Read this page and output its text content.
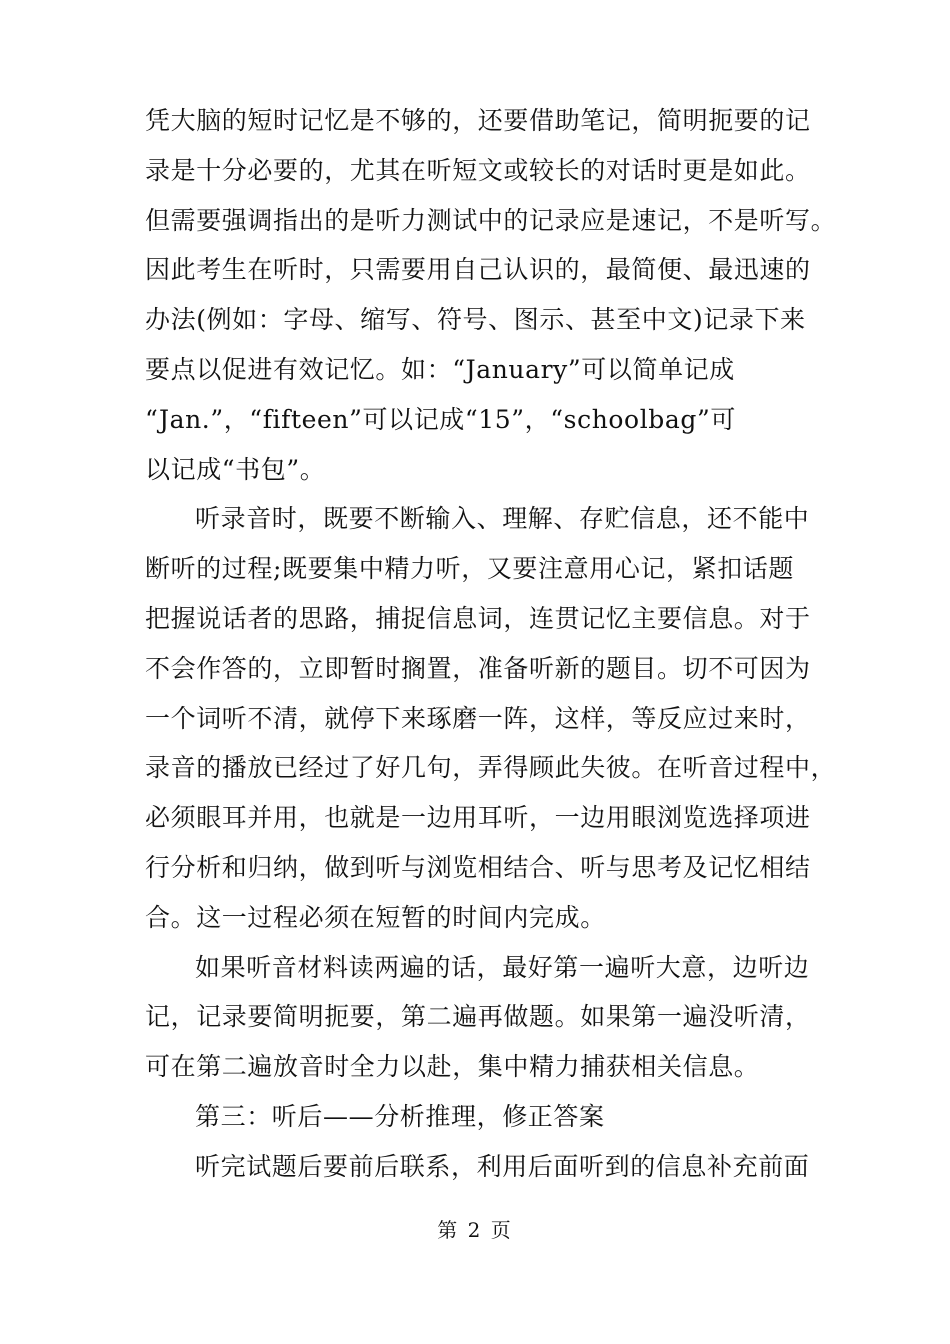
凭大脑的短时记忆是不够的，还要借助笔记，简明扼要的记
录是十分必要的，尤其在听短文或较长的对话时更是如此。
但需要强调指出的是听力测试中的记录应是速记，不是听写。
因此考生在听时，只需要用自己认识的，最简便、最迅速的
办法(例如：字母、缩写、符号、图示、甚至中文)记录下来
要点以促进有效记忆。如：“January”可以简单记成
“Jan.”，“fifteen”可以记成“15”，“schoolbag”可
以记成“书包”。
听录音时，既要不断输入、理解、存贮信息，还不能中
断听的过程;既要集中精力听，又要注意用心记，紧扣话题
把握说话者的思路，捕捉信息词，连贯记忆主要信息。对于
不会作答的，立即暂时搁置，准备听新的题目。切不可因为
一个词听不清，就停下来琢磨一阵，这样，等反应过来时，
录音的播放已经过了好几句，弄得顾此失彼。在听音过程中，
必须眼耳并用，也就是一边用耳听，一边用眼浏览选择项进
行分析和归纳，做到听与浏览相结合、听与思考及记忆相结
合。这一过程必须在短暂的时间内完成。
如果听音材料读两遍的话，最好第一遍听大意，边听边
记，记录要简明扼要，第二遍再做题。如果第一遍没听清，
可在第二遍放音时全力以赴，集中精力捕获相关信息。
第三：听后——分析推理，修正答案
听完试题后要前后联系，利用后面听到的信息补充前面
第 2 页
